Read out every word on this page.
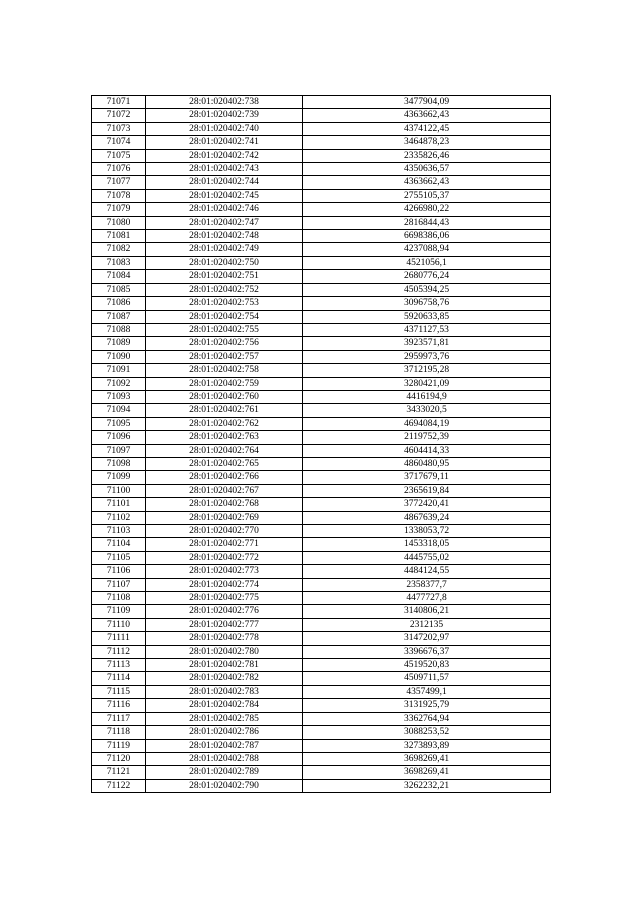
71071	28:01:020402:738	3477904,09
71072	28:01:020402:739	4363662,43
71073	28:01:020402:740	4374122,45
71074	28:01:020402:741	3464878,23
71075	28:01:020402:742	2335826,46
71076	28:01:020402:743	4350636,57
71077	28:01:020402:744	4363662,43
71078	28:01:020402:745	2755105,37
71079	28:01:020402:746	4266980,22
71080	28:01:020402:747	2816844,43
71081	28:01:020402:748	6698386,06
71082	28:01:020402:749	4237088,94
71083	28:01:020402:750	4521056,1
71084	28:01:020402:751	2680776,24
71085	28:01:020402:752	4505394,25
71086	28:01:020402:753	3096758,76
71087	28:01:020402:754	5920633,85
71088	28:01:020402:755	4371127,53
71089	28:01:020402:756	3923571,81
71090	28:01:020402:757	2959973,76
71091	28:01:020402:758	3712195,28
71092	28:01:020402:759	3280421,09
71093	28:01:020402:760	4416194,9
71094	28:01:020402:761	3433020,5
71095	28:01:020402:762	4694084,19
71096	28:01:020402:763	2119752,39
71097	28:01:020402:764	4604414,33
71098	28:01:020402:765	4860480,95
71099	28:01:020402:766	3717679,11
71100	28:01:020402:767	2365619,84
71101	28:01:020402:768	3772420,41
71102	28:01:020402:769	4867639,24
71103	28:01:020402:770	1338053,72
71104	28:01:020402:771	1453318,05
71105	28:01:020402:772	4445755,02
71106	28:01:020402:773	4484124,55
71107	28:01:020402:774	2358377,7
71108	28:01:020402:775	4477727,8
71109	28:01:020402:776	3140806,21
71110	28:01:020402:777	2312135
71111	28:01:020402:778	3147202,97
71112	28:01:020402:780	3396676,37
71113	28:01:020402:781	4519520,83
71114	28:01:020402:782	4509711,57
71115	28:01:020402:783	4357499,1
71116	28:01:020402:784	3131925,79
71117	28:01:020402:785	3362764,94
71118	28:01:020402:786	3088253,52
71119	28:01:020402:787	3273893,89
71120	28:01:020402:788	3698269,41
71121	28:01:020402:789	3698269,41
71122	28:01:020402:790	3262232,21
